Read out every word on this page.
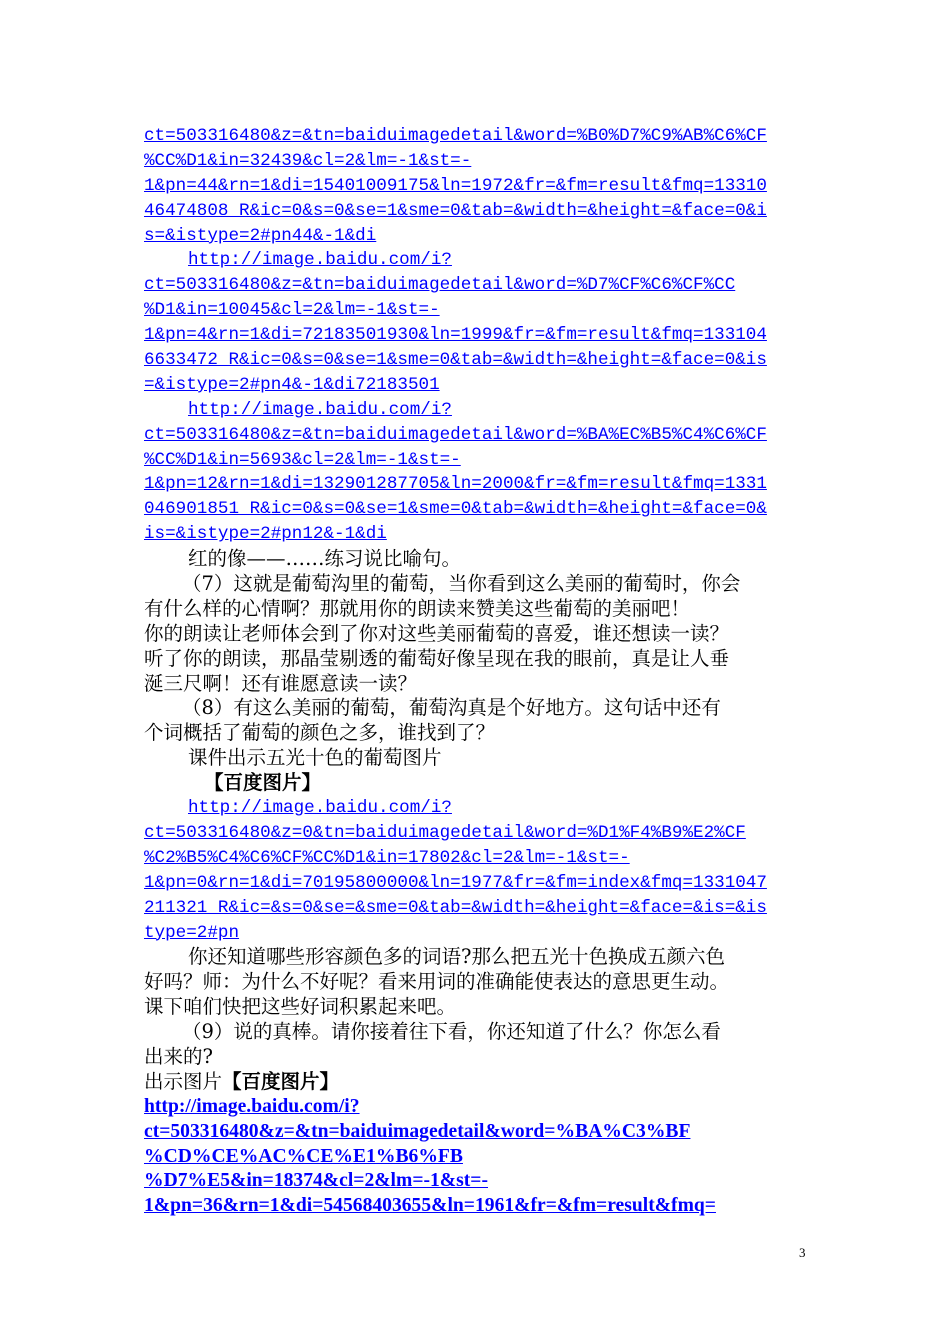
ct=503316480&z=&tn=baiduimagedetail&word=%B0%D7%C9%AB%C6%CF
%CC%D1&in=32439&cl=2&lm=-1&st=-
1&pn=44&rn=1&di=15401009175&ln=1972&fr=&fm=result&fmq=13310
46474808_R&ic=0&s=0&se=1&sme=0&tab=&width=&height=&face=0&i
s=&istype=2#pn44&-1&di
http://image.baidu.com/i?
ct=503316480&z=&tn=baiduimagedetail&word=%D7%CF%C6%CF%CC
%D1&in=10045&cl=2&lm=-1&st=-
1&pn=4&rn=1&di=72183501930&ln=1999&fr=&fm=result&fmq=133104
6633472_R&ic=0&s=0&se=1&sme=0&tab=&width=&height=&face=0&is
=&istype=2#pn4&-1&di72183501
http://image.baidu.com/i?
ct=503316480&z=&tn=baiduimagedetail&word=%BA%EC%B5%C4%C6%CF
%CC%D1&in=5693&cl=2&lm=-1&st=-
1&pn=12&rn=1&di=132901287705&ln=2000&fr=&fm=result&fmq=1331
046901851_R&ic=0&s=0&se=1&sme=0&tab=&width=&height=&face=0&
is=&istype=2#pn12&-1&di
红的像——……练习说比喻句。
（7）这就是葡萄沟里的葡萄，当你看到这么美丽的葡萄时，你会
有什么样的心情啊？那就用你的朗读来赞美这些葡萄的美丽吧！
你的朗读让老师体会到了你对这些美丽葡萄的喜爱，谁还想读一读？
听了你的朗读，那晶莹剔透的葡萄好像呈现在我的眼前，真是让人垂
涎三尺啊！还有谁愿意读一读？
（8）有这么美丽的葡萄，葡萄沟真是个好地方。这句话中还有
个词概括了葡萄的颜色之多，谁找到了？
课件出示五光十色的葡萄图片
【百度图片】
http://image.baidu.com/i?
ct=503316480&z=0&tn=baiduimagedetail&word=%D1%F4%B9%E2%CF
%C2%B5%C4%C6%CF%CC%D1&in=17802&cl=2&lm=-1&st=-
1&pn=0&rn=1&di=70195800000&ln=1977&fr=&fm=index&fmq=1331047
211321_R&ic=&s=0&se=&sme=0&tab=&width=&height=&face=&is=&is
type=2#pn
你还知道哪些形容颜色多的词语?那么把五光十色换成五颜六色
好吗？师：为什么不好呢？看来用词的准确能使表达的意思更生动。
课下咱们快把这些好词积累起来吧。
（9）说的真棒。请你接着往下看，你还知道了什么？你怎么看
出来的?
出示图片【百度图片】
http://image.baidu.com/i?
ct=503316480&z=&tn=baiduimagedetail&word=%BA%C3%BF
%CD%CE%AC%CE%E1%B6%FB
%D7%E5&in=18374&cl=2&lm=-1&st=-
1&pn=36&rn=1&di=54568403655&ln=1961&fr=&fm=result&fmq=
3
